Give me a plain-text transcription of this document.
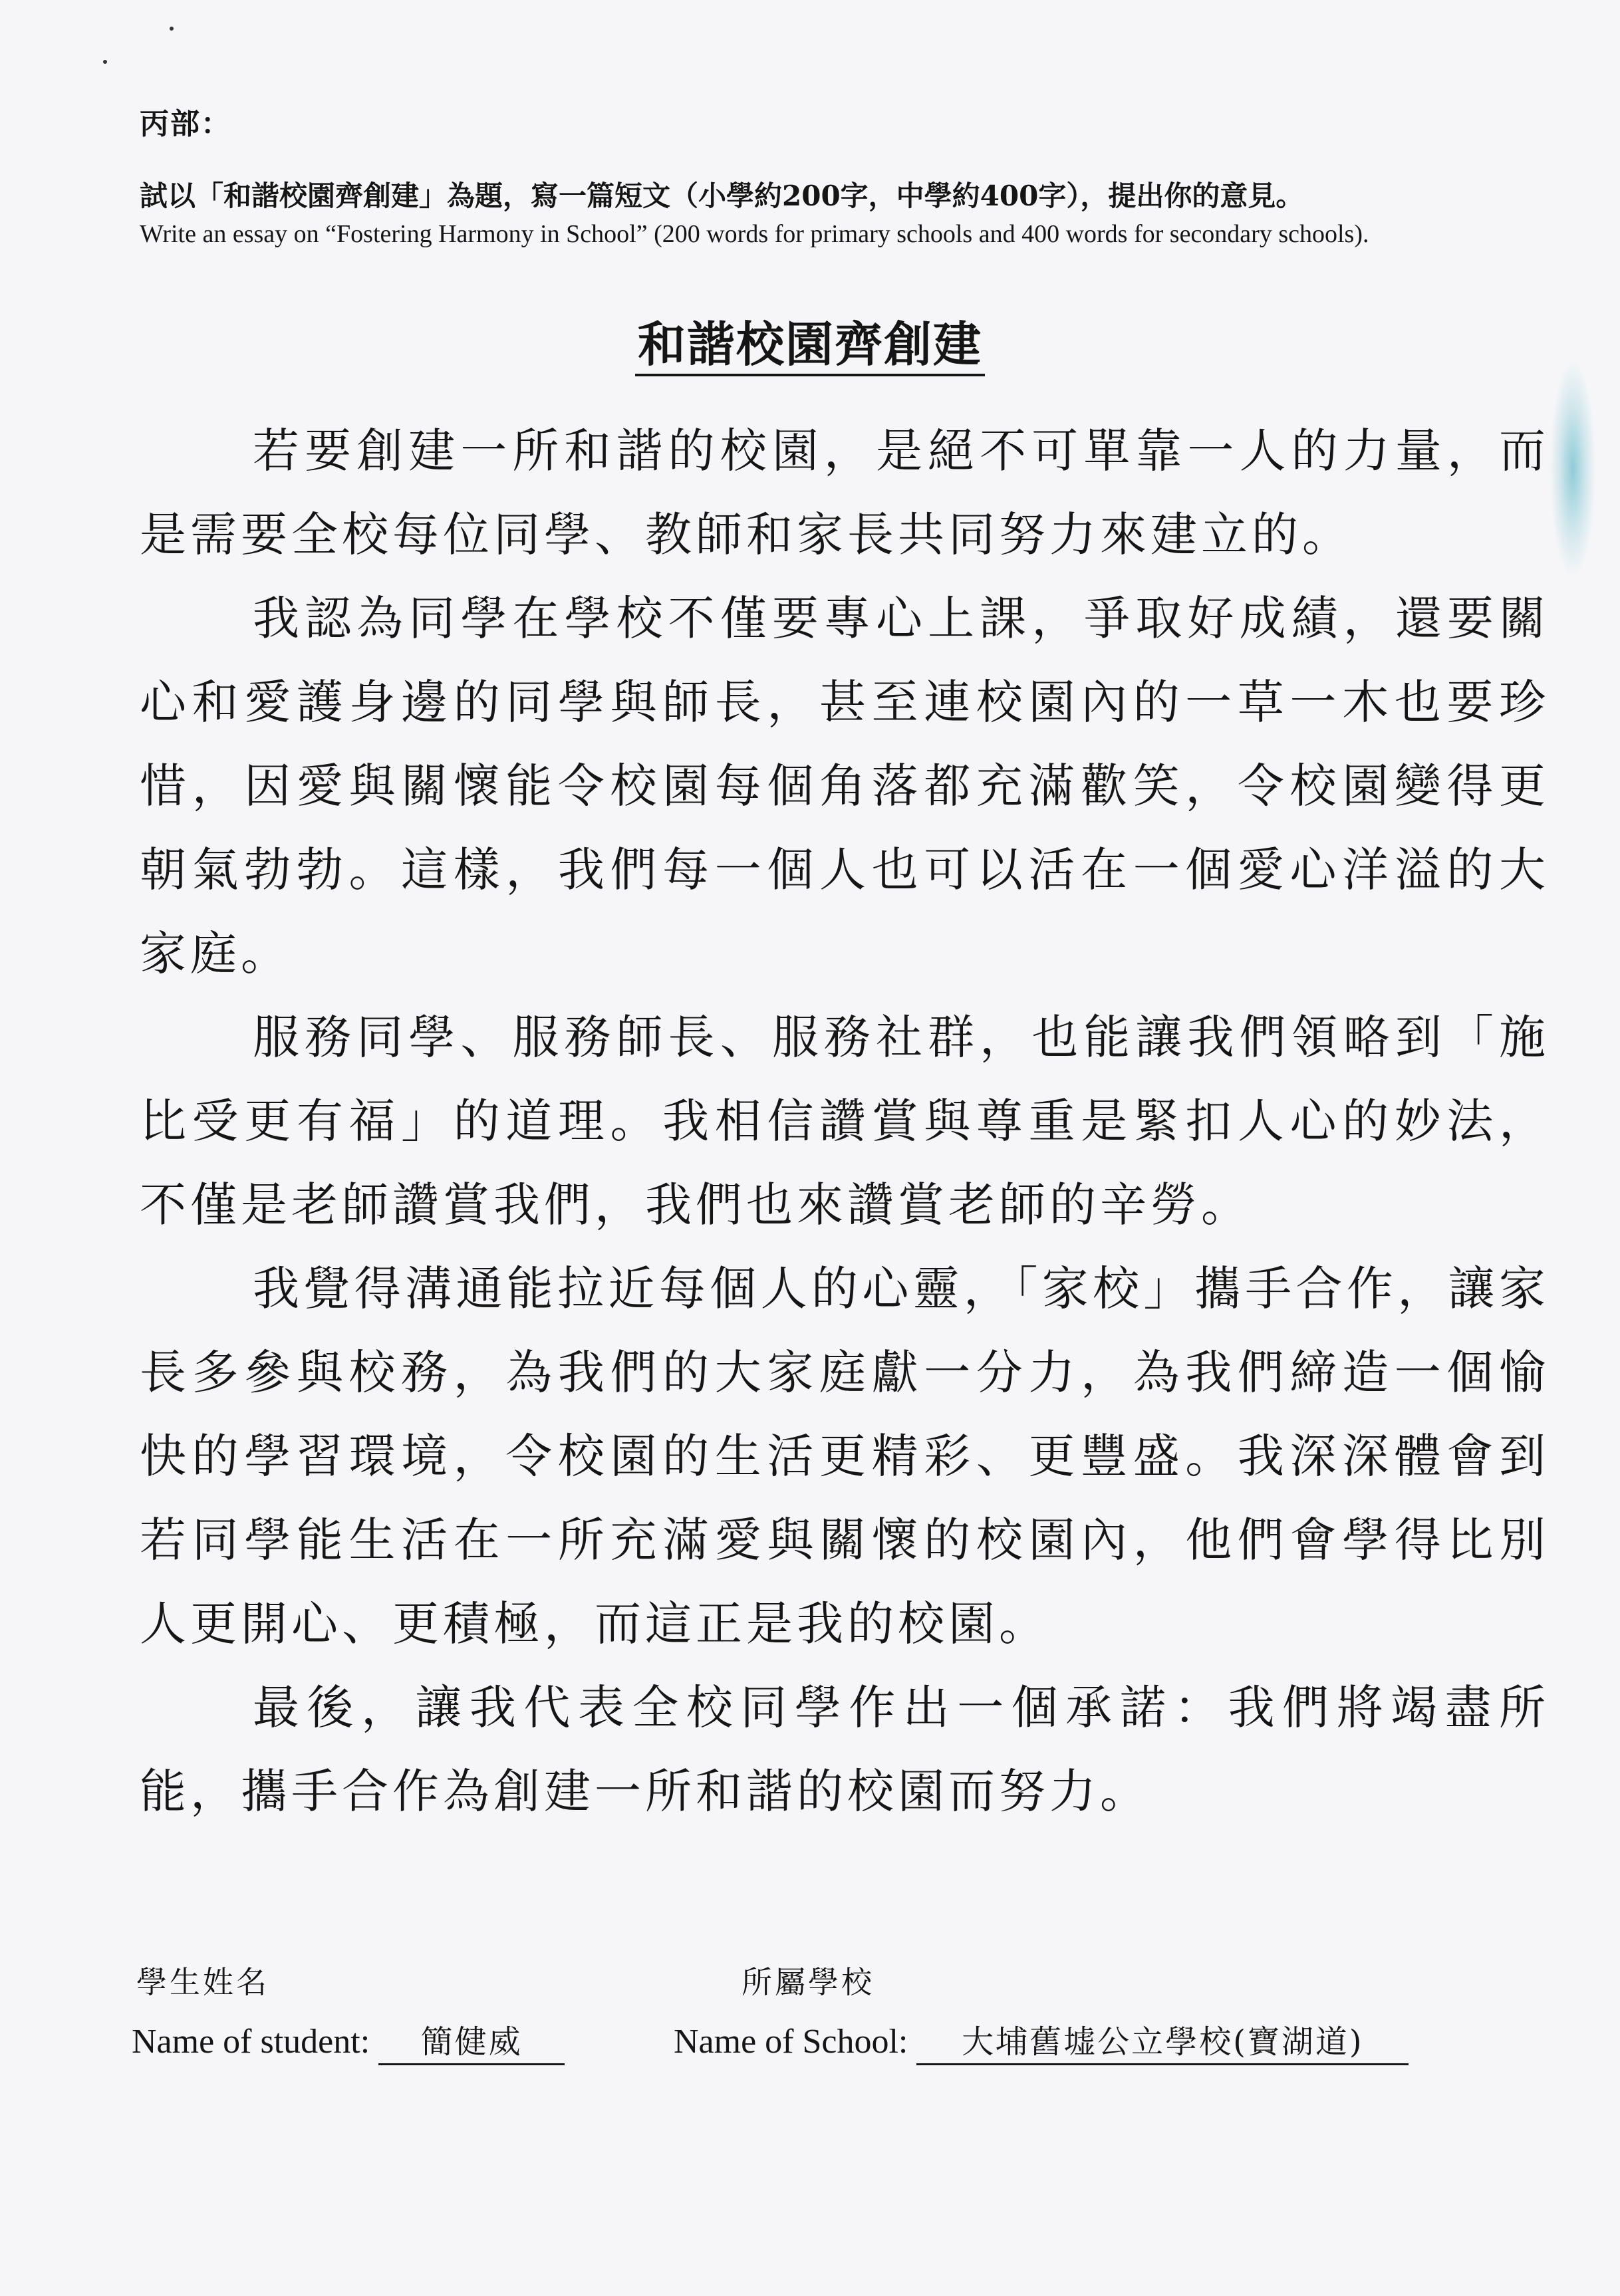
丙部：
試以「和諧校園齊創建」為題，寫一篇短文（小學約200字，中學約400字），提出你的意見。
Write an essay on “Fostering Harmony in School” (200 words for primary schools and 400 words for secondary schools).
和諧校園齊創建

若要創建一所和諧的校園，是絕不可單靠一人的力量，而是需要全校每位同學、教師和家長共同努力來建立的。

我認為同學在學校不僅要專心上課，爭取好成績，還要關心和愛護身邊的同學與師長，甚至連校園內的一草一木也要珍惜，因愛與關懷能令校園每個角落都充滿歡笑，令校園變得更朝氣勃勃。這樣，我們每一個人也可以活在一個愛心洋溢的大家庭。

服務同學、服務師長、服務社群，也能讓我們領略到「施比受更有福」的道理。我相信讚賞與尊重是緊扣人心的妙法，不僅是老師讚賞我們，我們也來讚賞老師的辛勞。

我覺得溝通能拉近每個人的心靈，「家校」攜手合作，讓家長多參與校務，為我們的大家庭獻一分力，為我們締造一個愉快的學習環境，令校園的生活更精彩、更豐盛。我深深體會到若同學能生活在一所充滿愛與關懷的校園內，他們會學得比別人更開心、更積極，而這正是我的校園。

最後，讓我代表全校同學作出一個承諾：我們將竭盡所能，攜手合作為創建一所和諧的校園而努力。

學生姓名	所屬學校
Name of student: 簡健威	Name of School: 大埔舊墟公立學校(寶湖道)
